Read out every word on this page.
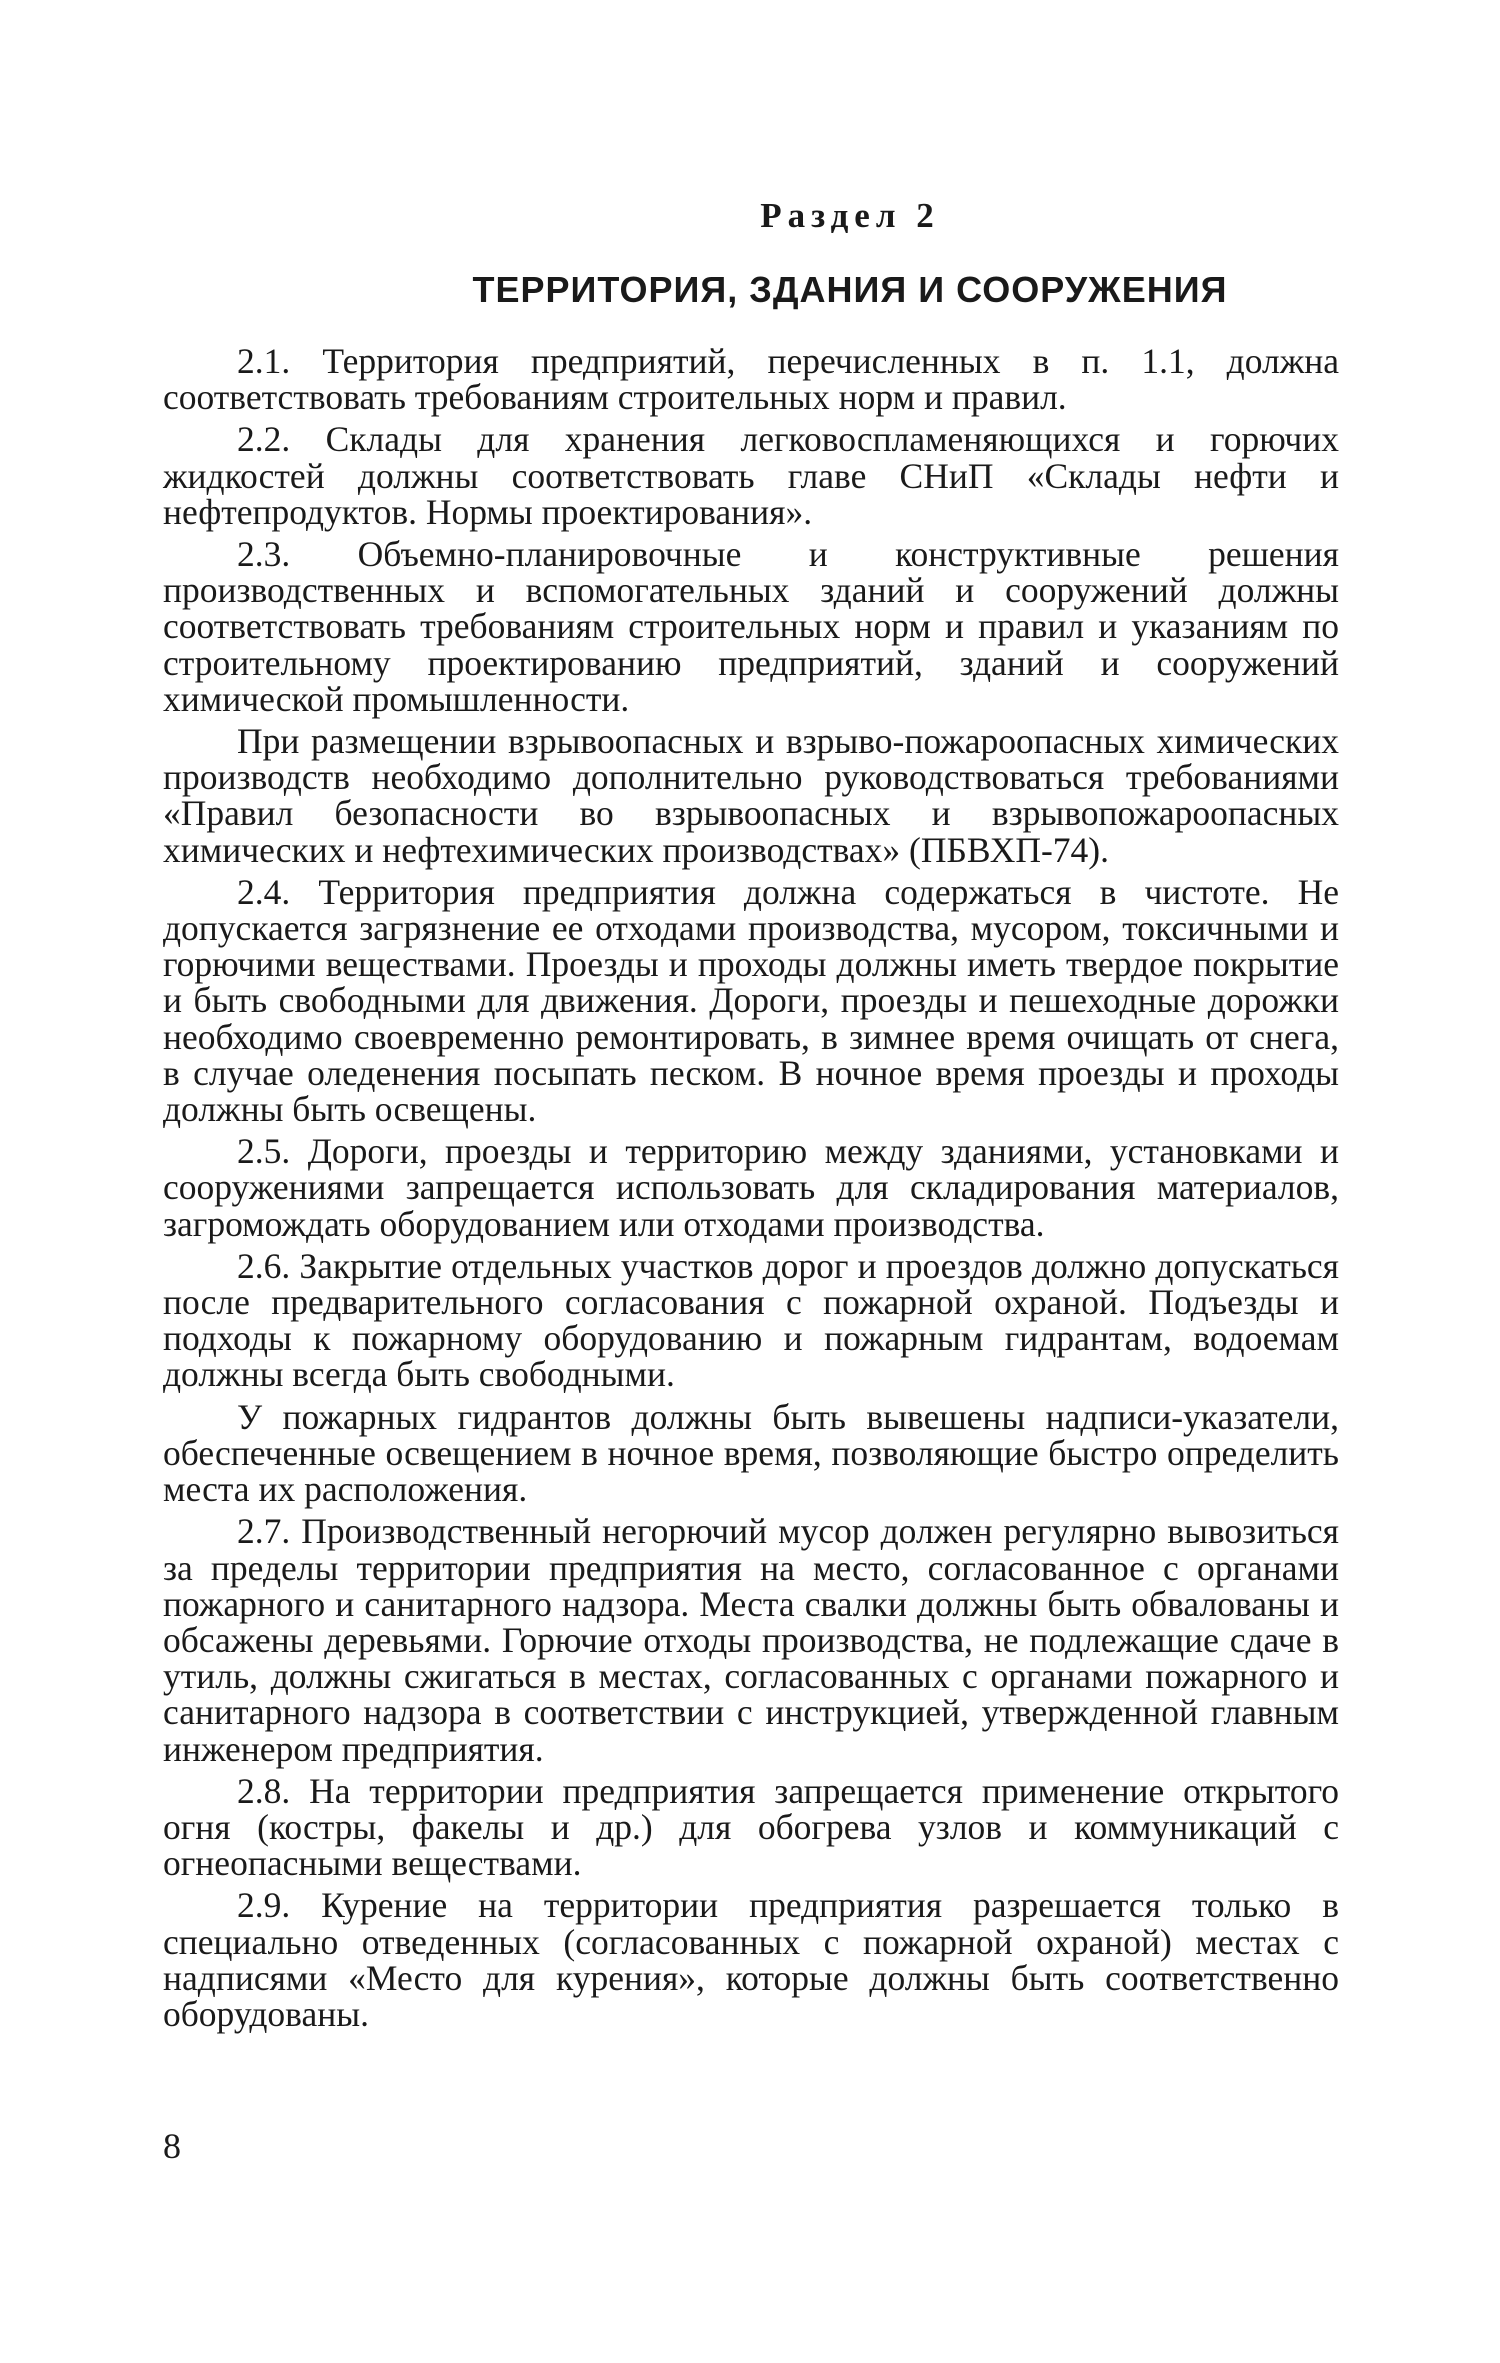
Раздел 2
ТЕРРИТОРИЯ, ЗДАНИЯ И СООРУЖЕНИЯ

2.1. Территория предприятий, перечисленных в п. 1.1, должна соответствовать требованиям строительных норм и правил.

2.2. Склады для хранения легковоспламеняющихся и горючих жидкостей должны соответствовать главе СНиП «Склады нефти и нефтепродуктов. Нормы проектирования».

2.3. Объемно-планировочные и конструктивные решения производственных и вспомогательных зданий и сооружений должны соответствовать требованиям строительных норм и правил и указаниям по строительному проектированию предприятий, зданий и сооружений химической промышленности.

При размещении взрывоопасных и взрыво-пожароопасных химических производств необходимо дополнительно руководствоваться требованиями «Правил безопасности во взрывоопасных и взрывопожароопасных химических и нефтехимических производствах» (ПБВХП-74).

2.4. Территория предприятия должна содержаться в чистоте. Не допускается загрязнение ее отходами производства, мусором, токсичными и горючими веществами. Проезды и проходы должны иметь твердое покрытие и быть свободными для движения. Дороги, проезды и пешеходные дорожки необходимо своевременно ремонтировать, в зимнее время очищать от снега, в случае оледенения посыпать песком. В ночное время проезды и проходы должны быть освещены.

2.5. Дороги, проезды и территорию между зданиями, установками и сооружениями запрещается использовать для складирования материалов, загромождать оборудованием или отходами производства.

2.6. Закрытие отдельных участков дорог и проездов должно допускаться после предварительного согласования с пожарной охраной. Подъезды и подходы к пожарному оборудованию и пожарным гидрантам, водоемам должны всегда быть свободными.

У пожарных гидрантов должны быть вывешены надписи-указатели, обеспеченные освещением в ночное время, позволяющие быстро определить места их расположения.

2.7. Производственный негорючий мусор должен регулярно вывозиться за пределы территории предприятия на место, согласованное с органами пожарного и санитарного надзора. Места свалки должны быть обвалованы и обсажены деревьями. Горючие отходы производства, не подлежащие сдаче в утиль, должны сжигаться в местах, согласованных с органами пожарного и санитарного надзора в соответствии с инструкцией, утвержденной главным инженером предприятия.

2.8. На территории предприятия запрещается применение открытого огня (костры, факелы и др.) для обогрева узлов и коммуникаций с огнеопасными веществами.

2.9. Курение на территории предприятия разрешается только в специально отведенных (согласованных с пожарной охраной) местах с надписями «Место для курения», которые должны быть соответственно оборудованы.

8
